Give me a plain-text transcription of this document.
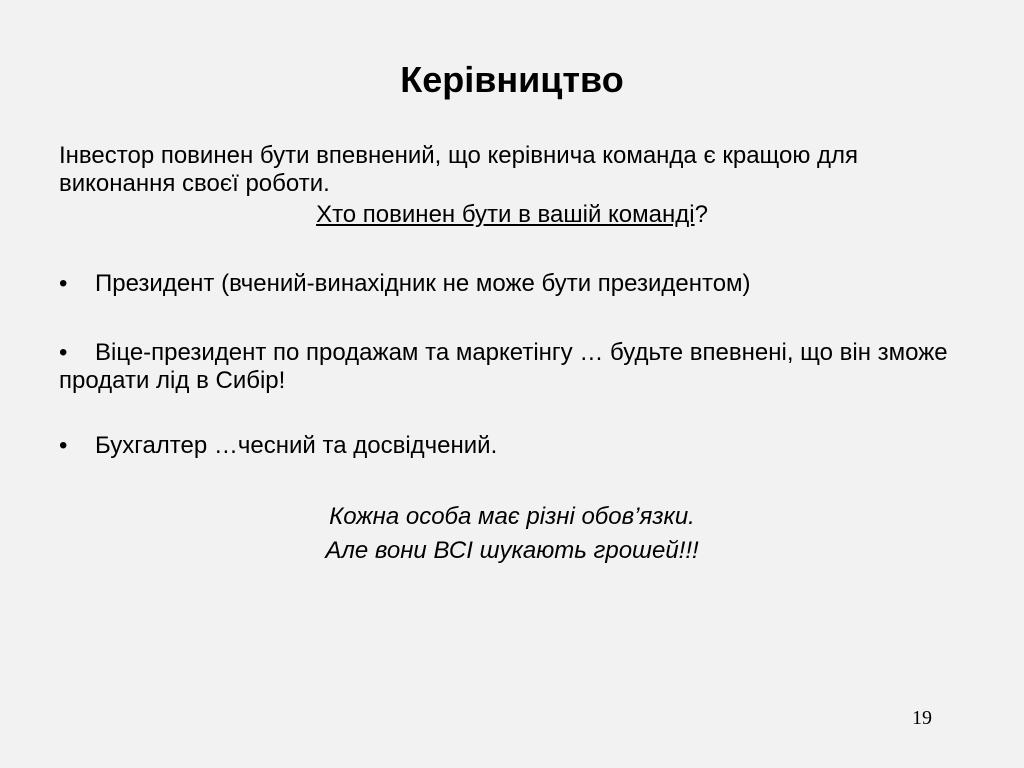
Керівництво
Інвестор повинен бути впевнений, що керівнича команда є кращою для виконання своєї роботи.
Хто повинен бути в вашій команді?
• Президент (вчений-винахідник не може бути президентом)
• Віце-президент по продажам та маркетінгу … будьте впевнені, що він зможе продати лід в Сибір!
• Бухгалтер …чесний та досвідчений.
Кожна особа має різні обов’язки.
Але вони ВСІ шукають грошей!!!
19
